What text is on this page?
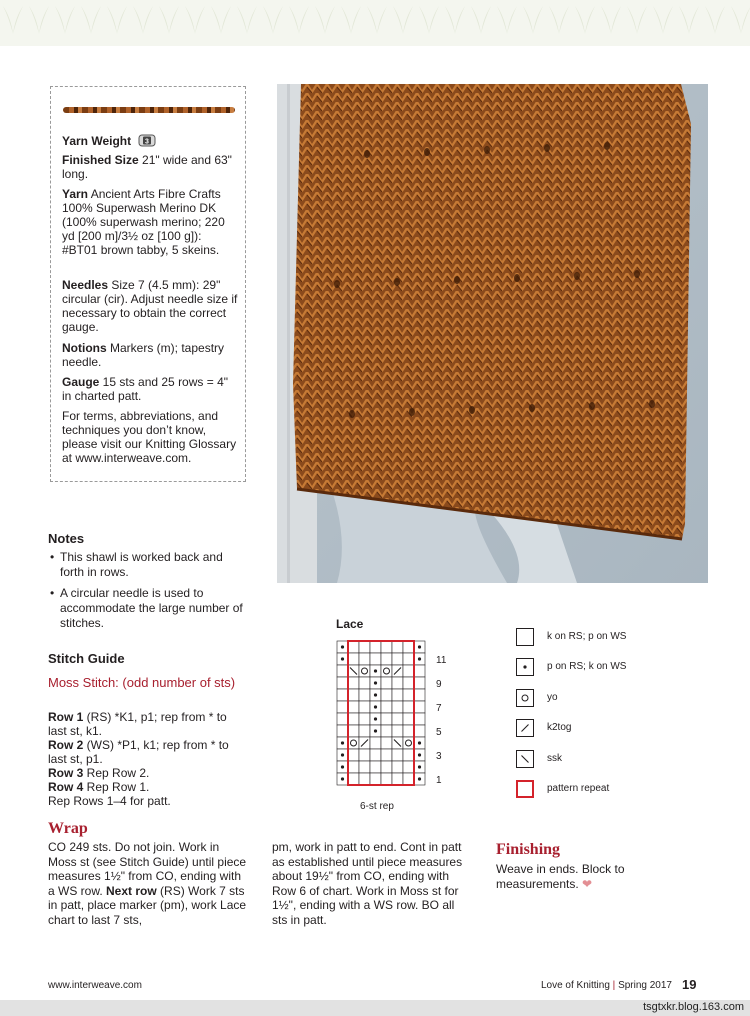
Yarn Weight 3

Finished Size 21" wide and 63" long.

Yarn Ancient Arts Fibre Crafts 100% Superwash Merino DK (100% superwash merino; 220 yd [200 m]/3½ oz [100 g]): #BT01 brown tabby, 5 skeins.

Needles Size 7 (4.5 mm): 29" circular (cir). Adjust needle size if necessary to obtain the correct gauge.

Notions Markers (m); tapestry needle.

Gauge 15 sts and 25 rows = 4" in charted patt.

For terms, abbreviations, and techniques you don’t know, please visit our Knitting Glossary at www.interweave.com.

Notes
• This shawl is worked back and forth in rows.
• A circular needle is used to accommodate the large number of stitches.
Stitch Guide

Moss Stitch: (odd number of sts)

Row 1 (RS) *K1, p1; rep from * to last st, k1.

Row 2 (WS) *P1, k1; rep from * to last st, p1.

Row 3 Rep Row 2.

Row 4 Rep Row 1.

Rep Rows 1–4 for patt.

Wrap

CO 249 sts. Do not join. Work in Moss st (see Stitch Guide) until piece measures 1½" from CO, ending with a WS row. Next row (RS) Work 7 sts in patt, place marker (pm), work Lace chart to last 7 sts,

pm, work in patt to end. Cont in patt as established until piece measures about 19½" from CO, ending with Row 6 of chart. Work in Moss st for 1½", ending with a WS row. BO all sts in patt.

Finishing

Weave in ends. Block to measurements. ❤

Lace

11
9
7
5
3
1
6-st rep
k on RS; p on WS
p on RS; k on WS
yo
k2tog
ssk
pattern repeat
www.interweave.com	Love of Knitting | Spring 2017 19
tsgtxkr.blog.163.com
